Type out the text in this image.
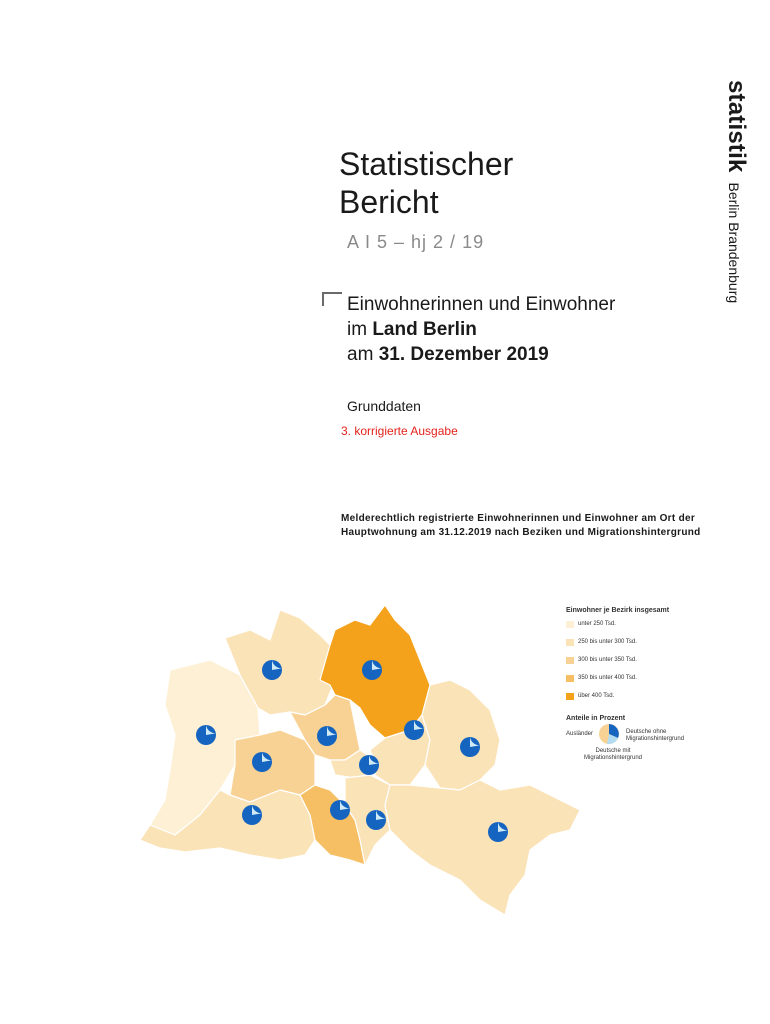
statistikBerlin Brandenburg
Statistischer
Bericht
A I 5 – hj 2 / 19
Einwohnerinnen und Einwohner
im Land Berlin
am 31. Dezember 2019
Grunddaten
3. korrigierte Ausgabe
Melderechtlich registrierte Einwohnerinnen und Einwohner am Ort der Hauptwohnung am 31.12.2019 nach Beziken und Migrationshintergrund
Einwohner je Bezirk insgesamt
unter 250 Tsd.
250 bis unter 300 Tsd.
300 bis unter 350 Tsd.
350 bis unter 400 Tsd.
über 400 Tsd.
Anteile in Prozent
Ausländer	Deutsche ohne Migrationshintergrund
Deutsche mit Migrationshintergrund
